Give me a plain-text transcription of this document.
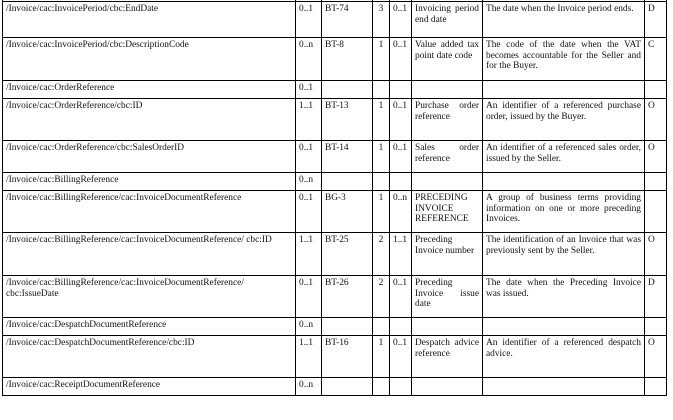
/Invoice/cac:InvoicePeriod/cbc:EndDate	0..1	BT-74	3	0..1	Invoicing period end date	The date when the Invoice period ends.	D
/Invoice/cac:InvoicePeriod/cbc:DescriptionCode	0..n	BT-8	1	0..1	Value added tax point date code	The code of the date when the VAT becomes accountable for the Seller and for the Buyer.	C
/Invoice/cac:OrderReference	0..1						
/Invoice/cac:OrderReference/cbc:ID	1..1	BT-13	1	0..1	Purchase order reference	An identifier of a referenced purchase order, issued by the Buyer.	O
/Invoice/cac:OrderReference/cbc:SalesOrderID	0..1	BT-14	1	0..1	Sales order reference	An identifier of a referenced sales order, issued by the Seller.	O
/Invoice/cac:BillingReference	0..n						
/Invoice/cac:BillingReference/cac:InvoiceDocumentReference	0..1	BG-3	1	0..n	PRECEDING INVOICE REFERENCE	A group of business terms providing information on one or more preceding Invoices.	
/Invoice/cac:BillingReference/cac:InvoiceDocumentReference/ cbc:ID	1..1	BT-25	2	1..1	Preceding Invoice number	The identification of an Invoice that was previously sent by the Seller.	O
/Invoice/cac:BillingReference/cac:InvoiceDocumentReference/ cbc:IssueDate	0..1	BT-26	2	0..1	Preceding Invoice issue date	The date when the Preceding Invoice was issued.	D
/Invoice/cac:DespatchDocumentReference	0..n						
/Invoice/cac:DespatchDocumentReference/cbc:ID	1..1	BT-16	1	0..1	Despatch advice reference	An identifier of a referenced despatch advice.	O
/Invoice/cac:ReceiptDocumentReference	0..n						
